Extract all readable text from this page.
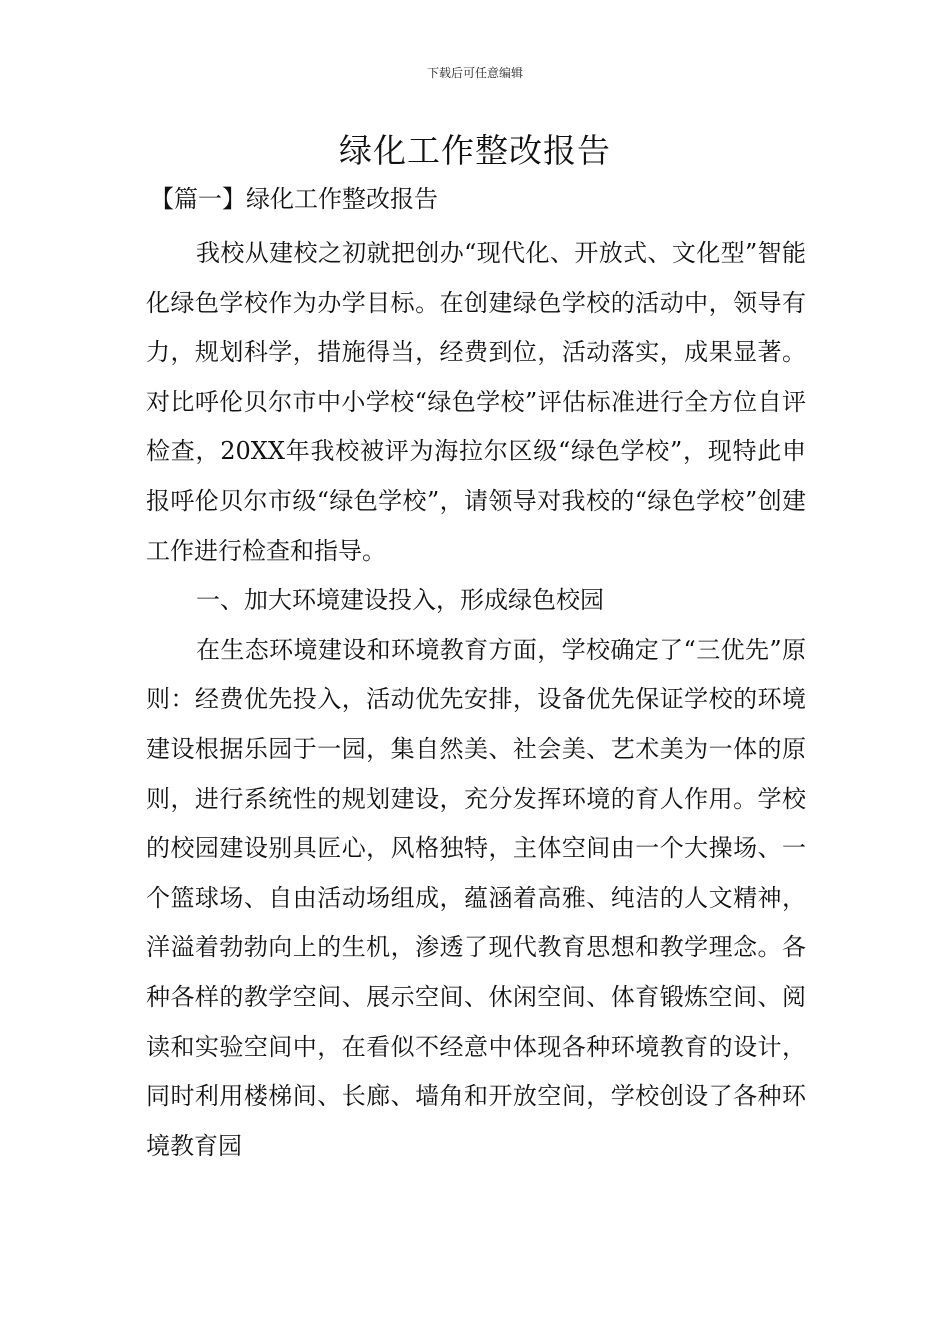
下载后可任意编辑
绿化工作整改报告

【篇一】绿化工作整改报告

我校从建校之初就把创办“现代化、开放式、文化型”智能化绿色学校作为办学目标。在创建绿色学校的活动中，领导有力，规划科学，措施得当，经费到位，活动落实，成果显著。对比呼伦贝尔市中小学校“绿色学校”评估标准进行全方位自评检查，20XX年我校被评为海拉尔区级“绿色学校”，现特此申报呼伦贝尔市级“绿色学校”，请领导对我校的“绿色学校”创建工作进行检查和指导。

一、加大环境建设投入，形成绿色校园

在生态环境建设和环境教育方面，学校确定了“三优先”原则：经费优先投入，活动优先安排，设备优先保证学校的环境建设根据乐园于一园，集自然美、社会美、艺术美为一体的原则，进行系统性的规划建设，充分发挥环境的育人作用。学校的校园建设别具匠心，风格独特，主体空间由一个大操场、一个篮球场、自由活动场组成，蕴涵着高雅、纯洁的人文精神，洋溢着勃勃向上的生机，渗透了现代教育思想和教学理念。各种各样的教学空间、展示空间、休闲空间、体育锻炼空间、阅读和实验空间中，在看似不经意中体现各种环境教育的设计，同时利用楼梯间、长廊、墙角和开放空间，学校创设了各种环境教育园
